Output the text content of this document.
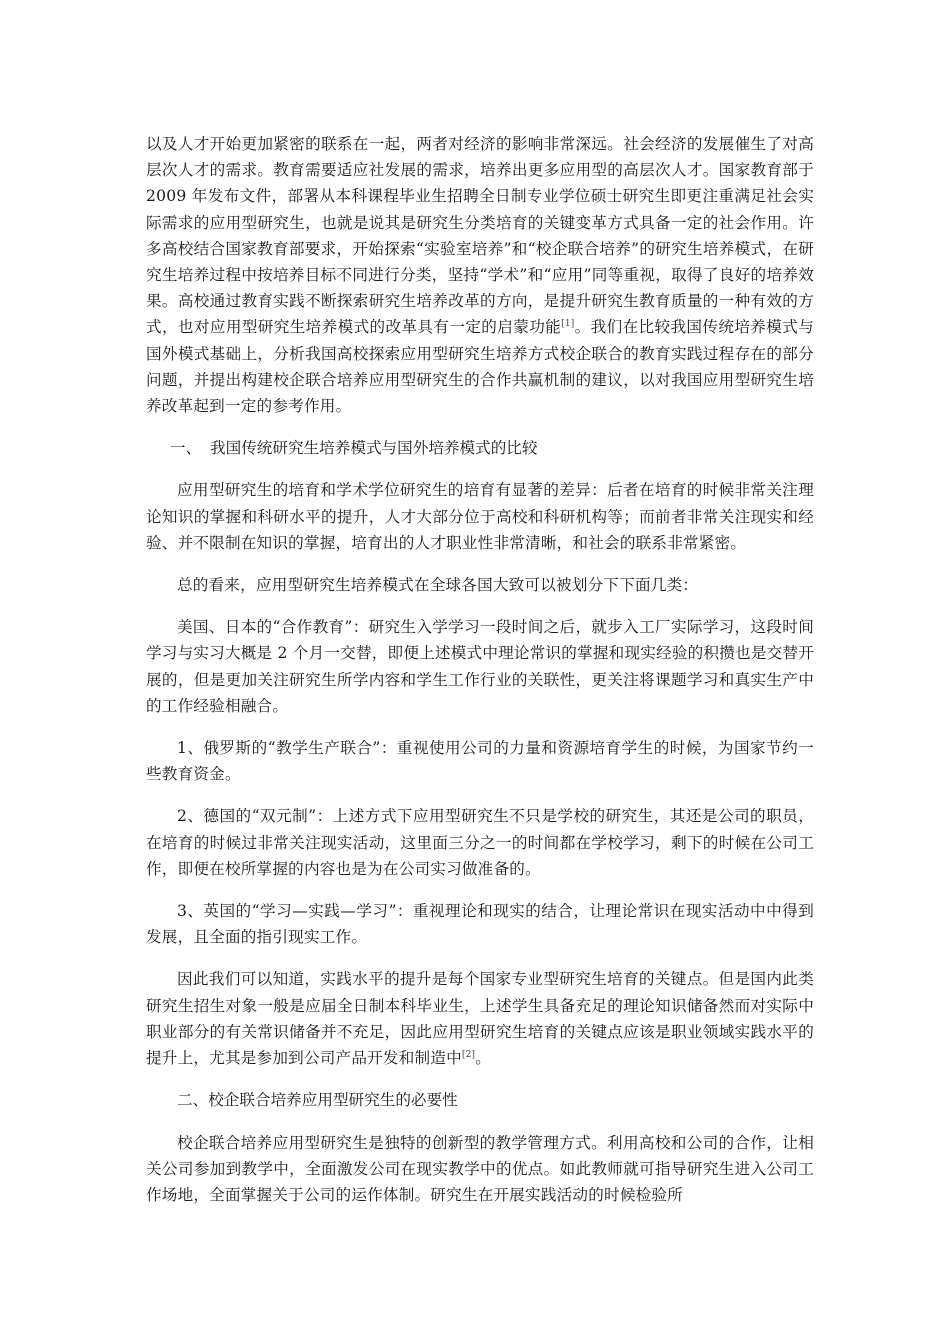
以及人才开始更加紧密的联系在一起，两者对经济的影响非常深远。社会经济的发展催生了对高层次人才的需求。教育需要适应社发展的需求，培养出更多应用型的高层次人才。国家教育部于 2009 年发布文件，部署从本科课程毕业生招聘全日制专业学位硕士研究生即更注重满足社会实际需求的应用型研究生，也就是说其是研究生分类培育的关键变革方式具备一定的社会作用。许多高校结合国家教育部要求，开始探索“实验室培养”和“校企联合培养”的研究生培养模式，在研究生培养过程中按培养目标不同进行分类，坚持“学术”和“应用”同等重视，取得了良好的培养效果。高校通过教育实践不断探索研究生培养改革的方向，是提升研究生教育质量的一种有效的方式，也对应用型研究生培养模式的改革具有一定的启蒙功能[1]。我们在比较我国传统培养模式与国外模式基础上，分析我国高校探索应用型研究生培养方式校企联合的教育实践过程存在的部分问题，并提出构建校企联合培养应用型研究生的合作共赢机制的建议，以对我国应用型研究生培养改革起到一定的参考作用。

一、 我国传统研究生培养模式与国外培养模式的比较

应用型研究生的培育和学术学位研究生的培育有显著的差异：后者在培育的时候非常关注理论知识的掌握和科研水平的提升，人才大部分位于高校和科研机构等；而前者非常关注现实和经验、并不限制在知识的掌握，培育出的人才职业性非常清晰，和社会的联系非常紧密。

总的看来，应用型研究生培养模式在全球各国大致可以被划分下下面几类：

美国、日本的“合作教育”：研究生入学学习一段时间之后，就步入工厂实际学习，这段时间学习与实习大概是 2 个月一交替，即便上述模式中理论常识的掌握和现实经验的积攒也是交替开展的，但是更加关注研究生所学内容和学生工作行业的关联性，更关注将课题学习和真实生产中的工作经验相融合。

1、俄罗斯的“教学生产联合”：重视使用公司的力量和资源培育学生的时候，为国家节约一些教育资金。

2、德国的“双元制”：上述方式下应用型研究生不只是学校的研究生，其还是公司的职员，在培育的时候过非常关注现实活动，这里面三分之一的时间都在学校学习，剩下的时候在公司工作，即便在校所掌握的内容也是为在公司实习做准备的。

3、英国的“学习—实践—学习”：重视理论和现实的结合，让理论常识在现实活动中中得到发展，且全面的指引现实工作。

因此我们可以知道，实践水平的提升是每个国家专业型研究生培育的关键点。但是国内此类研究生招生对象一般是应届全日制本科毕业生，上述学生具备充足的理论知识储备然而对实际中职业部分的有关常识储备并不充足，因此应用型研究生培育的关键点应该是职业领域实践水平的提升上，尤其是参加到公司产品开发和制造中[2]。

二、校企联合培养应用型研究生的必要性

校企联合培养应用型研究生是独特的创新型的教学管理方式。利用高校和公司的合作，让相关公司参加到教学中，全面激发公司在现实教学中的优点。如此教师就可指导研究生进入公司工作场地，全面掌握关于公司的运作体制。研究生在开展实践活动的时候检验所
